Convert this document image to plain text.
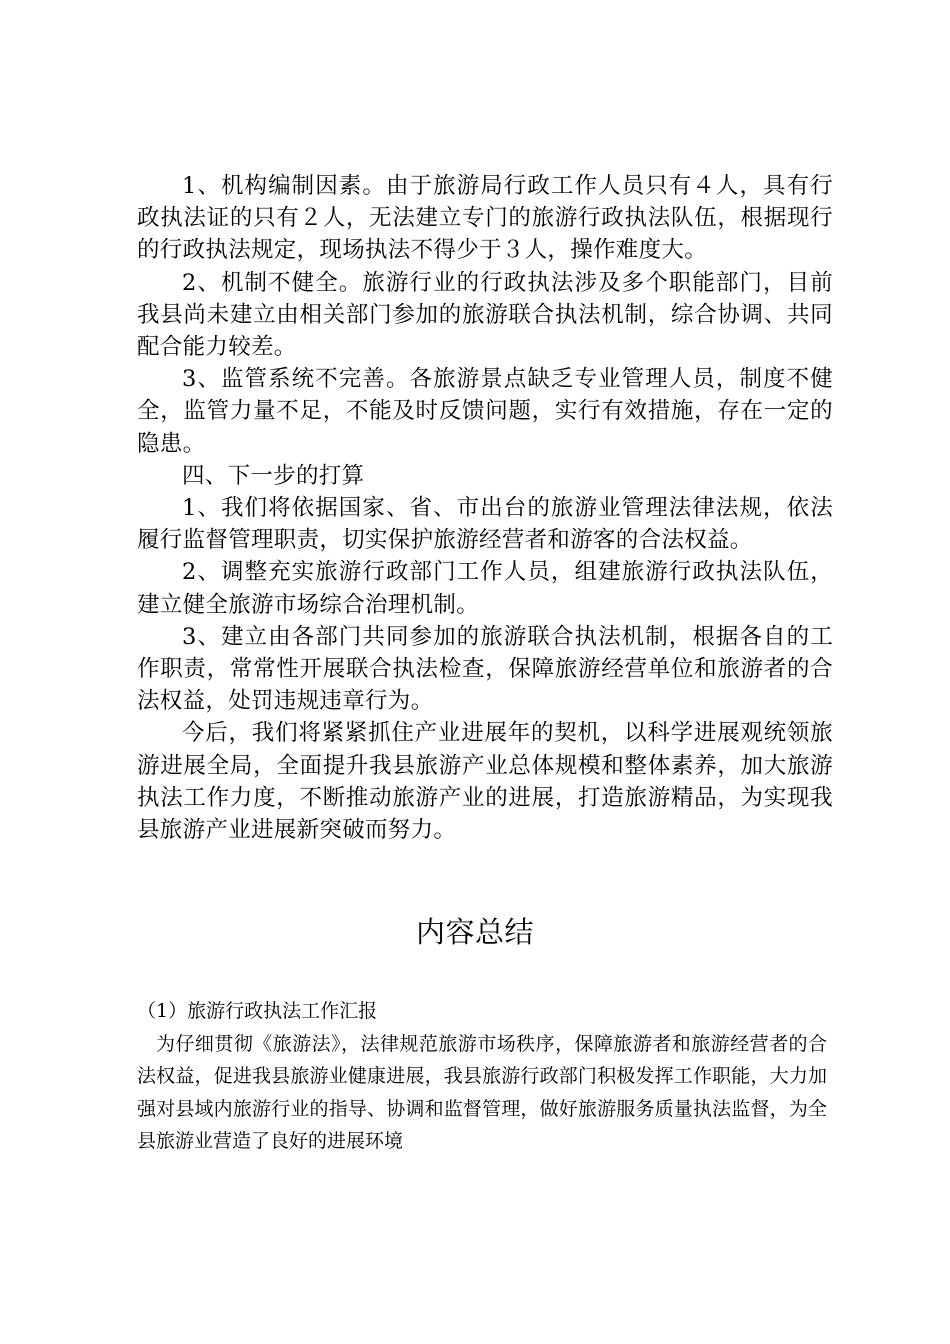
1、机构编制因素。由于旅游局行政工作人员只有４人，具有行政执法证的只有２人，无法建立专门的旅游行政执法队伍，根据现行的行政执法规定，现场执法不得少于３人，操作难度大。

2、机制不健全。旅游行业的行政执法涉及多个职能部门，目前我县尚未建立由相关部门参加的旅游联合执法机制，综合协调、共同配合能力较差。

3、监管系统不完善。各旅游景点缺乏专业管理人员，制度不健全，监管力量不足，不能及时反馈问题，实行有效措施，存在一定的隐患。

四、下一步的打算

1、我们将依据国家、省、市出台的旅游业管理法律法规，依法履行监督管理职责，切实保护旅游经营者和游客的合法权益。

2、调整充实旅游行政部门工作人员，组建旅游行政执法队伍，建立健全旅游市场综合治理机制。

3、建立由各部门共同参加的旅游联合执法机制，根据各自的工作职责，常常性开展联合执法检查，保障旅游经营单位和旅游者的合法权益，处罚违规违章行为。

今后，我们将紧紧抓住产业进展年的契机，以科学进展观统领旅游进展全局，全面提升我县旅游产业总体规模和整体素养，加大旅游执法工作力度，不断推动旅游产业的进展，打造旅游精品，为实现我县旅游产业进展新突破而努力。

内容总结

（1）旅游行政执法工作汇报

为仔细贯彻《旅游法》，法律规范旅游市场秩序，保障旅游者和旅游经营者的合法权益，促进我县旅游业健康进展，我县旅游行政部门积极发挥工作职能，大力加强对县域内旅游行业的指导、协调和监督管理，做好旅游服务质量执法监督，为全县旅游业营造了良好的进展环境
